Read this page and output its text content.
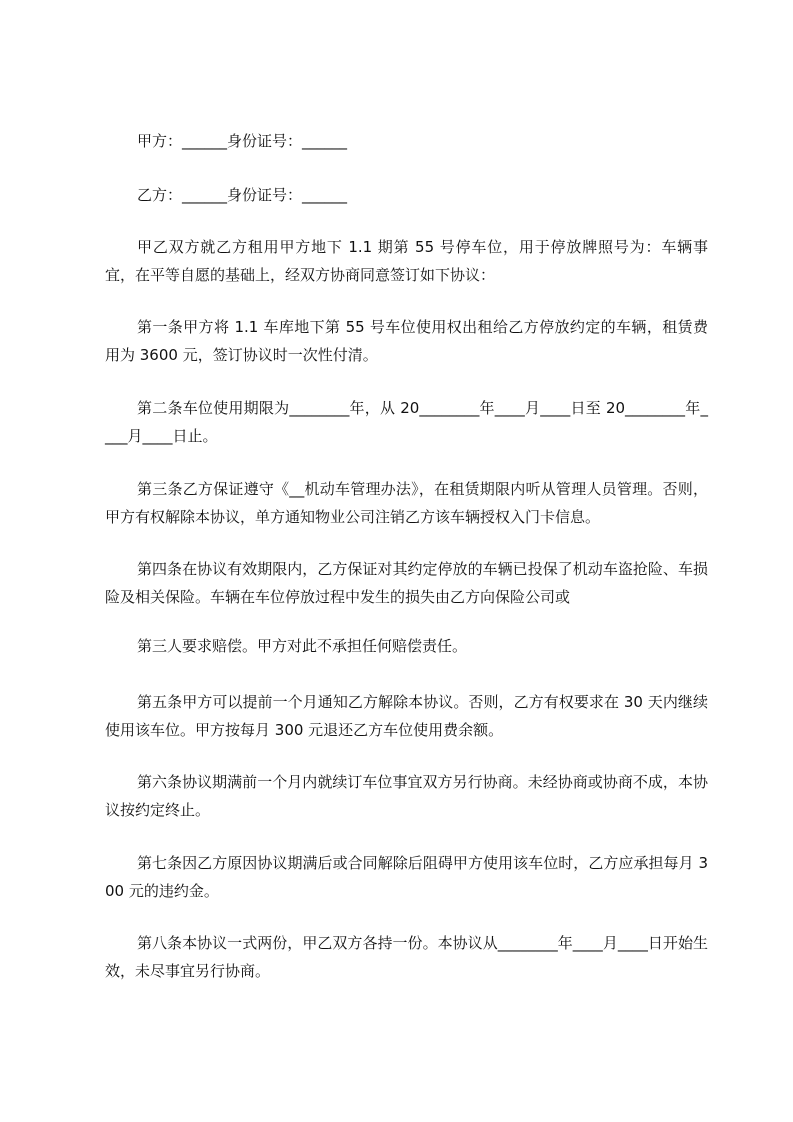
甲方：______身份证号：______

乙方：______身份证号：______

甲乙双方就乙方租用甲方地下 1.1 期第 55 号停车位，用于停放牌照号为：车辆事宜，在平等自愿的基础上，经双方协商同意签订如下协议：

第一条甲方将 1.1 车库地下第 55 号车位使用权出租给乙方停放约定的车辆，租赁费用为 3600 元，签订协议时一次性付清。

第二条车位使用期限为________年，从 20________年____月____日至 20________年____月____日止。

第三条乙方保证遵守《__机动车管理办法》，在租赁期限内听从管理人员管理。否则，甲方有权解除本协议，单方通知物业公司注销乙方该车辆授权入门卡信息。

第四条在协议有效期限内，乙方保证对其约定停放的车辆已投保了机动车盗抢险、车损险及相关保险。车辆在车位停放过程中发生的损失由乙方向保险公司或

第三人要求赔偿。甲方对此不承担任何赔偿责任。

第五条甲方可以提前一个月通知乙方解除本协议。否则，乙方有权要求在 30 天内继续使用该车位。甲方按每月 300 元退还乙方车位使用费余额。

第六条协议期满前一个月内就续订车位事宜双方另行协商。未经协商或协商不成，本协议按约定终止。

第七条因乙方原因协议期满后或合同解除后阻碍甲方使用该车位时，乙方应承担每月 300 元的违约金。

第八条本协议一式两份，甲乙双方各持一份。本协议从________年____月____日开始生效，未尽事宜另行协商。
